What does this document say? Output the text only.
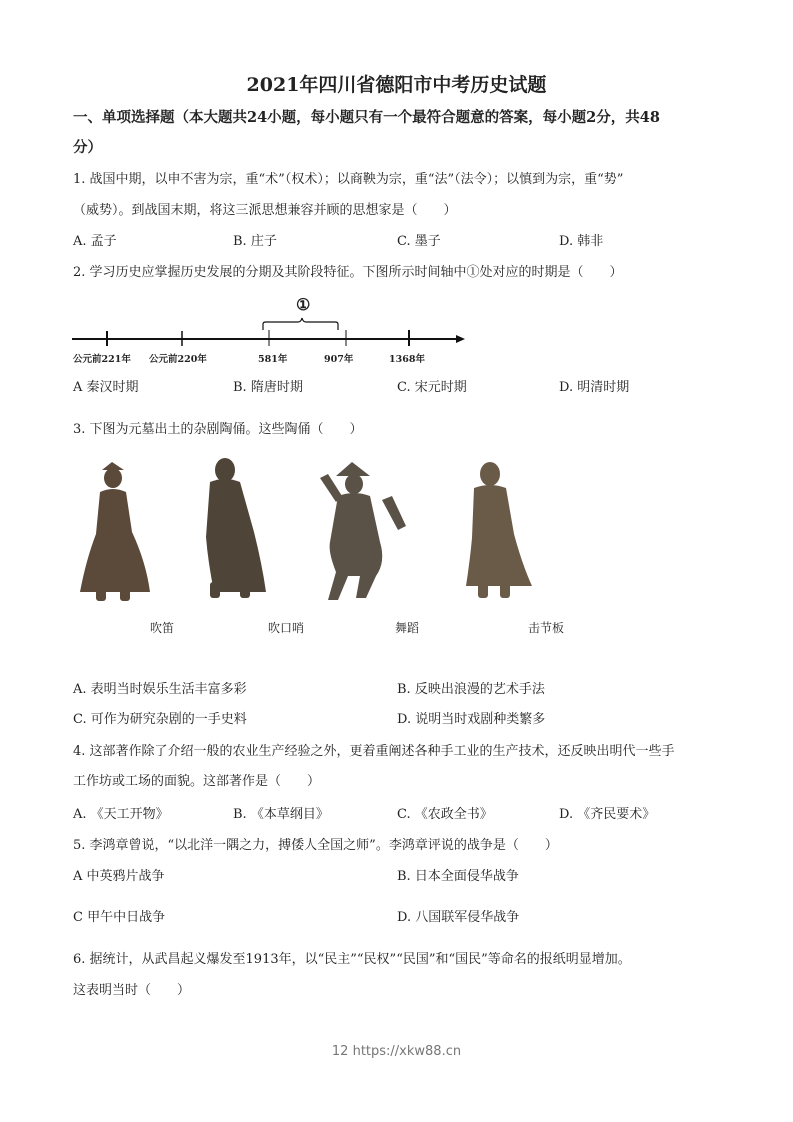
2021年四川省德阳市中考历史试题
一、单项选择题（本大题共24小题，每小题只有一个最符合题意的答案，每小题2分，共48
分）
1. 战国中期，以申不害为宗，重“术”（权术）；以商鞅为宗，重“法”（法令）；以慎到为宗，重“势”
（威势）。到战国末期，将这三派思想兼容并顾的思想家是（　　）
A. 孟子	B. 庄子	C. 墨子	D. 韩非
2. 学习历史应掌握历史发展的分期及其阶段特征。下图所示时间轴中①处对应的时期是（　　）
①
公元前221年 公元前220年	581年	907年	1368年
A 秦汉时期	B. 隋唐时期	C. 宋元时期	D. 明清时期
3. 下图为元墓出土的杂剧陶俑。这些陶俑（　　）
吹笛	吹口哨	舞蹈	击节板
A. 表明当时娱乐生活丰富多彩	B. 反映出浪漫的艺术手法
C. 可作为研究杂剧的一手史料	D. 说明当时戏剧种类繁多
4. 这部著作除了介绍一般的农业生产经验之外，更着重阐述各种手工业的生产技术，还反映出明代一些手
工作坊或工场的面貌。这部著作是（　　）
A. 《天工开物》	B. 《本草纲目》	C. 《农政全书》	D. 《齐民要术》
5. 李鸿章曾说，“以北洋一隅之力，搏倭人全国之师”。李鸿章评说的战争是（　　）
A 中英鸦片战争	B. 日本全面侵华战争
C 甲午中日战争	D. 八国联军侵华战争
6. 据统计，从武昌起义爆发至1913年，以“民主”“民权”“民国”和“国民”等命名的报纸明显增加。
这表明当时（　　）
12 https://xkw88.cn
